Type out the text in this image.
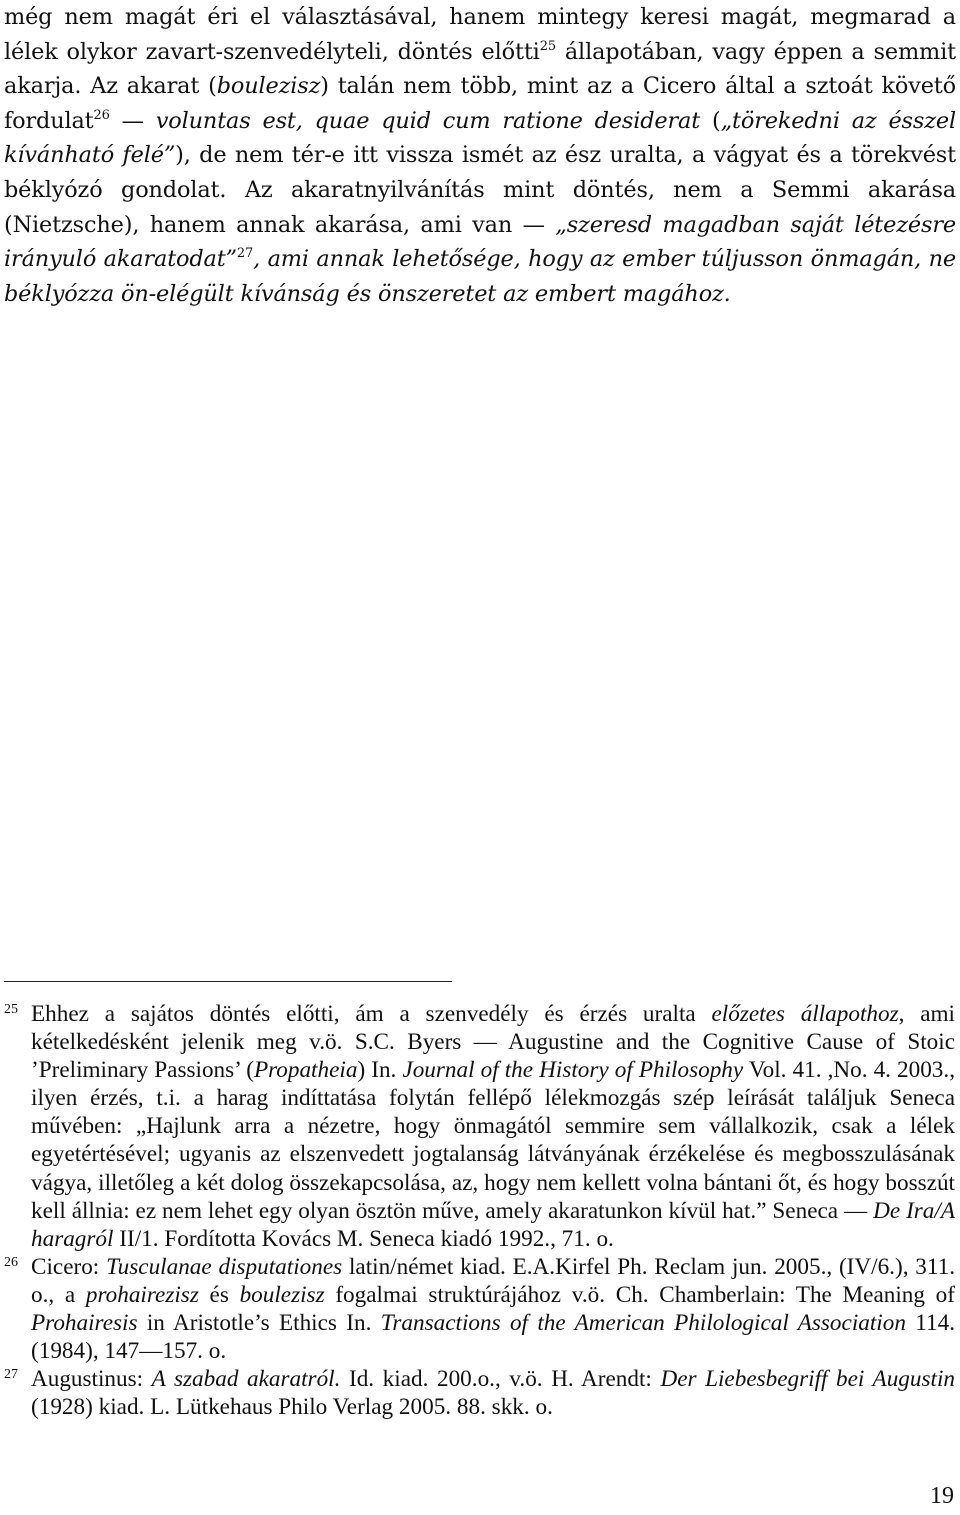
még nem magát éri el választásával, hanem mintegy keresi magát, megmarad a lélek olykor zavart-szenvedélyteli, döntés előtti$^{25}$ állapotában, vagy éppen a semmit akarja. Az akarat (boulezisz) talán nem több, mint az a Cicero által a sztoát követő fordulat$^{26}$ — voluntas est, quae quid cum ratione desiderat („törekedni az ésszel kívánható felé”), de nem tér-e itt vissza ismét az ész uralta, a vágyat és a törekvést béklyózó gondolat. Az akaratnyilvánítás mint döntés, nem a Semmi akarása (Nietzsche), hanem annak akarása, ami van — „szeresd magadban saját létezésre irányuló akaratodat”$^{27}$, ami annak lehetősége, hogy az ember túljusson önmagán, ne béklyózza ön-elégült kívánság és önszeretet az embert magához.

25 Ehhez a sajátos döntés előtti, ám a szenvedély és érzés uralta előzetes állapothoz, ami kételkedésként jelenik meg v.ö. S.C. Byers — Augustine and the Cognitive Cause of Stoic ’Preliminary Passions’ (Propatheia) In. Journal of the History of Philosophy Vol. 41. ,No. 4. 2003., ilyen érzés, t.i. a harag indíttatása folytán fellépő lélekmozgás szép leírását találjuk Seneca művében: „Hajlunk arra a nézetre, hogy önmagától semmire sem vállalkozik, csak a lélek egyetértésével; ugyanis az elszenvedett jogtalanság látványának érzékelése és megbosszulásának vágya, illetőleg a két dolog összekapcsolása, az, hogy nem kellett volna bántani őt, és hogy bosszút kell állnia: ez nem lehet egy olyan ösztön műve, amely akaratunkon kívül hat.” Seneca — De Ira/A haragról II/1. Fordította Kovács M. Seneca kiadó 1992., 71. o.

26 Cicero: Tusculanae disputationes latin/német kiad. E.A.Kirfel Ph. Reclam jun. 2005., (IV/6.), 311. o., a prohairezisz és boulezisz fogalmai struktúrájához v.ö. Ch. Chamberlain: The Meaning of Prohairesis in Aristotle’s Ethics In. Transactions of the American Philological Association 114. (1984), 147—157. o.

27 Augustinus: A szabad akaratról. Id. kiad. 200.o., v.ö. H. Arendt: Der Liebesbegriff bei Augustin (1928) kiad. L. Lütkehaus Philo Verlag 2005. 88. skk. o.

19
